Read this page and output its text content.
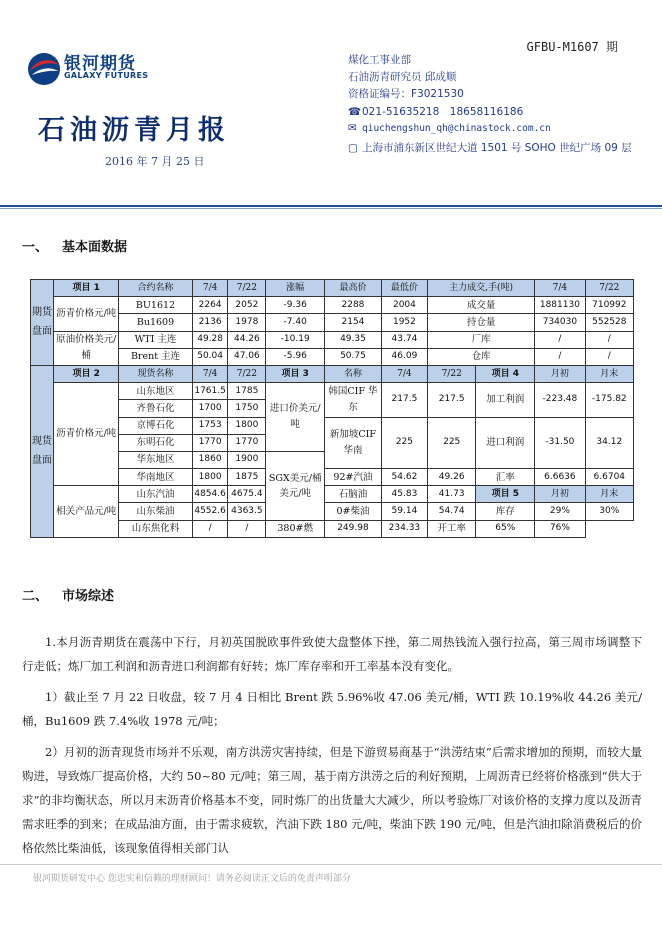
银河期货
GALAXY FUTURES
GFBU-M1607 期
煤化工事业部
石油沥青研究员 邱成顺
资格证编号：F3021530
☎021-51635218　18658116186
✉ qiuchengshun_qh@chinastock.com.cn
▢ 上海市浦东新区世纪大道 1501 号 SOHO 世纪广场 09 层
石油沥青月报
2016 年 7 月 25 日
一、 基本面数据
期货盘面	项目 1	合约名称	7/4	7/22	涨幅	最高价	最低价	主力成交,手(吨)		7/4	7/22
	沥青价格元/吨	BU1612	2264	2052	-9.36	2288	2004	成交量		1881130	710992
		Bu1609	2136	1978	-7.40	2154	1952	持仓量		734030	552528
	原油价格美元/桶	WTI 主连	49.28	44.26	-10.19	49.35	43.74	厂库		/	/
		Brent 主连	50.04	47.06	-5.96	50.75	46.09	仓库		/	/
现货盘面	项目 2	现货名称	7/4	7/22	项目 3	名称	7/4	7/22	项目 4	月初	月末
	沥青价格元/吨	山东地区	1761.5	1785	进口价美元/吨	韩国CIF 华东	217.5	217.5	加工利润	-223.48	-175.82
		齐鲁石化	1700	1750							
		京博石化	1753	1800		新加坡CIF 华南	225	225	进口利润	-31.50	34.12
		东明石化	1770	1770							
		华东地区	1860	1900	SGX美元/桶美元/吨						
		华南地区	1800	1875		92#汽油	54.62	49.26	汇率	6.6636	6.6704
	相关产品元/吨	山东汽油	4854.6	4675.4		石脑油	45.83	41.73	项目 5	月初	月末
		山东柴油	4552.6	4363.5		0#柴油	59.14	54.74	库存	29%	30%
		山东焦化料	/	/	380#燃	249.98	234.33	开工率	65%	76%	
二、 市场综述

1.本月沥青期货在震荡中下行，月初英国脱欧事件致使大盘整体下挫，第二周热钱流入强行拉高，第三周市场调整下行走低；炼厂加工利润和沥青进口利润都有好转；炼厂库存率和开工率基本没有变化。

1）截止至 7 月 22 日收盘，较 7 月 4 日相比 Brent 跌 5.96%收 47.06 美元/桶，WTI 跌 10.19%收 44.26 美元/桶，Bu1609 跌 7.4%收 1978 元/吨；

2）月初的沥青现货市场并不乐观，南方洪涝灾害持续，但是下游贸易商基于“洪涝结束”后需求增加的预期，而较大量购进，导致炼厂提高价格，大约 50~80 元/吨；第三周，基于南方洪涝之后的利好预期，上周沥青已经将价格涨到“供大于求”的非均衡状态，所以月末沥青价格基本不变，同时炼厂的出货量大大减少，所以考验炼厂对该价格的支撑力度以及沥青需求旺季的到来；在成品油方面，由于需求疲软，汽油下跌 180 元/吨，柴油下跌 190 元/吨，但是汽油扣除消费税后的价格依然比柴油低，该现象值得相关部门认

银河期货研发中心 您忠实和信赖的理财顾问！请务必阅读正文后的免责声明部分
